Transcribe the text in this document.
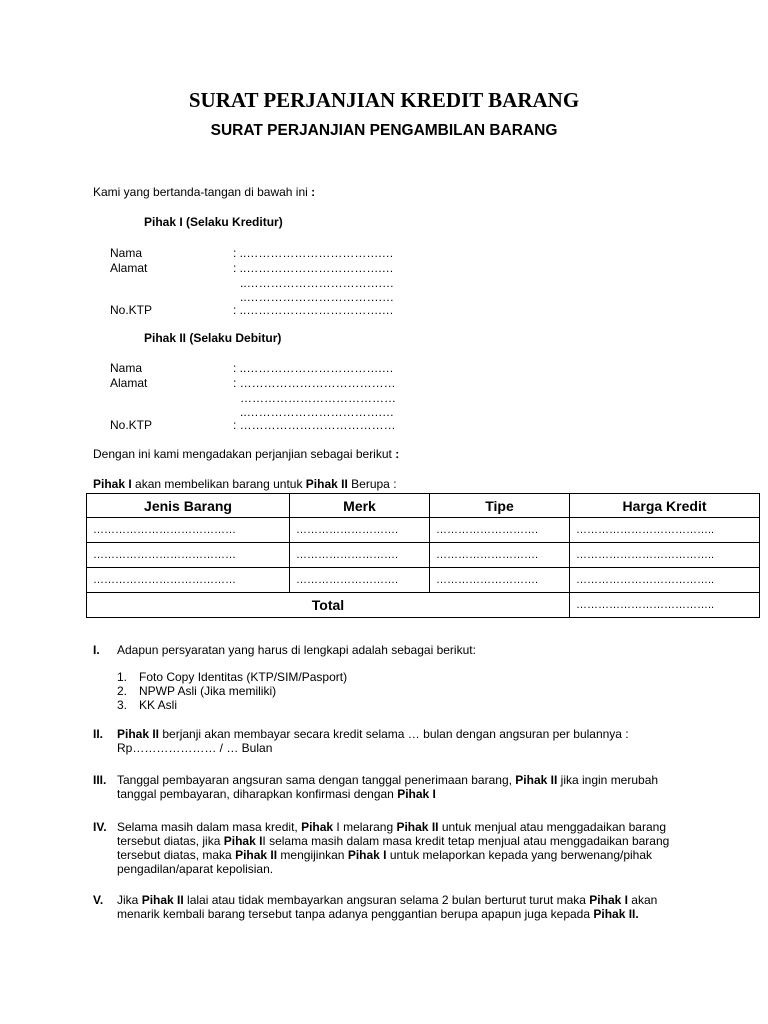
SURAT PERJANJIAN KREDIT BARANG
SURAT PERJANJIAN PENGAMBILAN BARANG
Kami yang bertanda-tangan di bawah ini :
Pihak I (Selaku Kreditur)
Nama	: ..…………………………….…
Alamat	: ..…………………………….…
..…………………………….…
..…………………………….…
No.KTP	: ..…………………………….…
Pihak II (Selaku Debitur)
Nama	: ..…………………………….…
Alamat	: …………………………………
…………………………………
..…………………………….…
No.KTP	: …………………………………
Dengan ini kami mengadakan perjanjian sebagai berikut :
Pihak I akan membelikan barang untuk Pihak II Berupa :
Jenis Barang	Merk	Tipe	Harga Kredit
…………………………………	……………………….	……………………….	………………………………..
…………………………………	……………………….	……………………….	………………………………..
…………………………………	……………………….	……………………….	………………………………..
Total			………………………………..
I. Adapun persyaratan yang harus di lengkapi adalah sebagai berikut:
1. Foto Copy Identitas (KTP/SIM/Pasport)
2. NPWP Asli (Jika memiliki)
3. KK Asli
II. Pihak II berjanji akan membayar secara kredit selama … bulan dengan angsuran per bulannya :
Rp………………… / … Bulan
III. Tanggal pembayaran angsuran sama dengan tanggal penerimaan barang, Pihak II jika ingin merubah tanggal pembayaran, diharapkan konfirmasi dengan Pihak I
IV. Selama masih dalam masa kredit, Pihak I melarang Pihak II untuk menjual atau menggadaikan barang tersebut diatas, jika Pihak II selama masih dalam masa kredit tetap menjual atau menggadaikan barang tersebut diatas, maka Pihak II mengijinkan Pihak I untuk melaporkan kepada yang berwenang/pihak pengadilan/aparat kepolisian.
V. Jika Pihak II lalai atau tidak membayarkan angsuran selama 2 bulan berturut turut maka Pihak I akan menarik kembali barang tersebut tanpa adanya penggantian berupa apapun juga kepada Pihak II.
